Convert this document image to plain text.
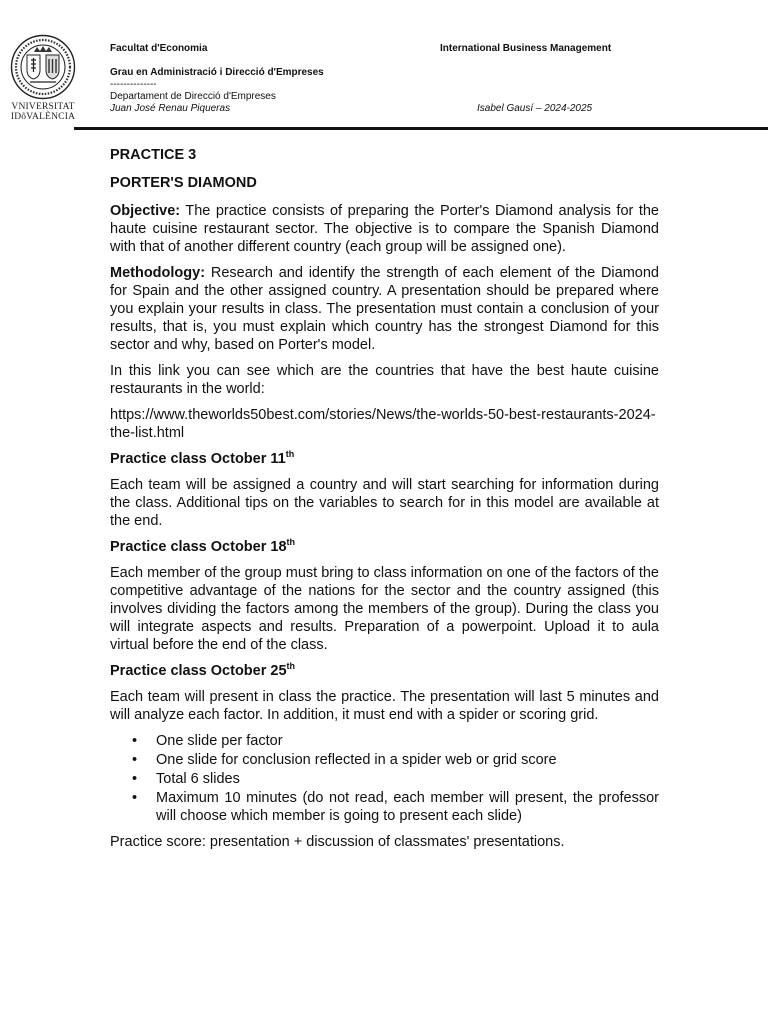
VNIVERSITAT
IDõVALÈNCIA
Facultat d'Economia	International Business Management
Grau en Administració i Direcció d'Empreses
--------------
Departament de Direcció d'Empreses
Juan José Renau Piqueras	Isabel Gausí – 2024-2025

PRACTICE 3

PORTER'S DIAMOND

Objective: The practice consists of preparing the Porter's Diamond analysis for the haute cuisine restaurant sector. The objective is to compare the Spanish Diamond with that of another different country (each group will be assigned one).

Methodology: Research and identify the strength of each element of the Diamond for Spain and the other assigned country. A presentation should be prepared where you explain your results in class. The presentation must contain a conclusion of your results, that is, you must explain which country has the strongest Diamond for this sector and why, based on Porter's model.

In this link you can see which are the countries that have the best haute cuisine restaurants in the world:

https://www.theworlds50best.com/stories/News/the-worlds-50-best-restaurants-2024-the-list.html

Practice class October 11th

Each team will be assigned a country and will start searching for information during the class. Additional tips on the variables to search for in this model are available at the end.

Practice class October 18th

Each member of the group must bring to class information on one of the factors of the competitive advantage of the nations for the sector and the country assigned (this involves dividing the factors among the members of the group). During the class you will integrate aspects and results. Preparation of a powerpoint. Upload it to aula virtual before the end of the class.

Practice class October 25th

Each team will present in class the practice. The presentation will last 5 minutes and will analyze each factor. In addition, it must end with a spider or scoring grid.

• One slide per factor
• One slide for conclusion reflected in a spider web or grid score
• Total 6 slides
• Maximum 10 minutes (do not read, each member will present, the professor will choose which member is going to present each slide)

Practice score: presentation + discussion of classmates' presentations.
